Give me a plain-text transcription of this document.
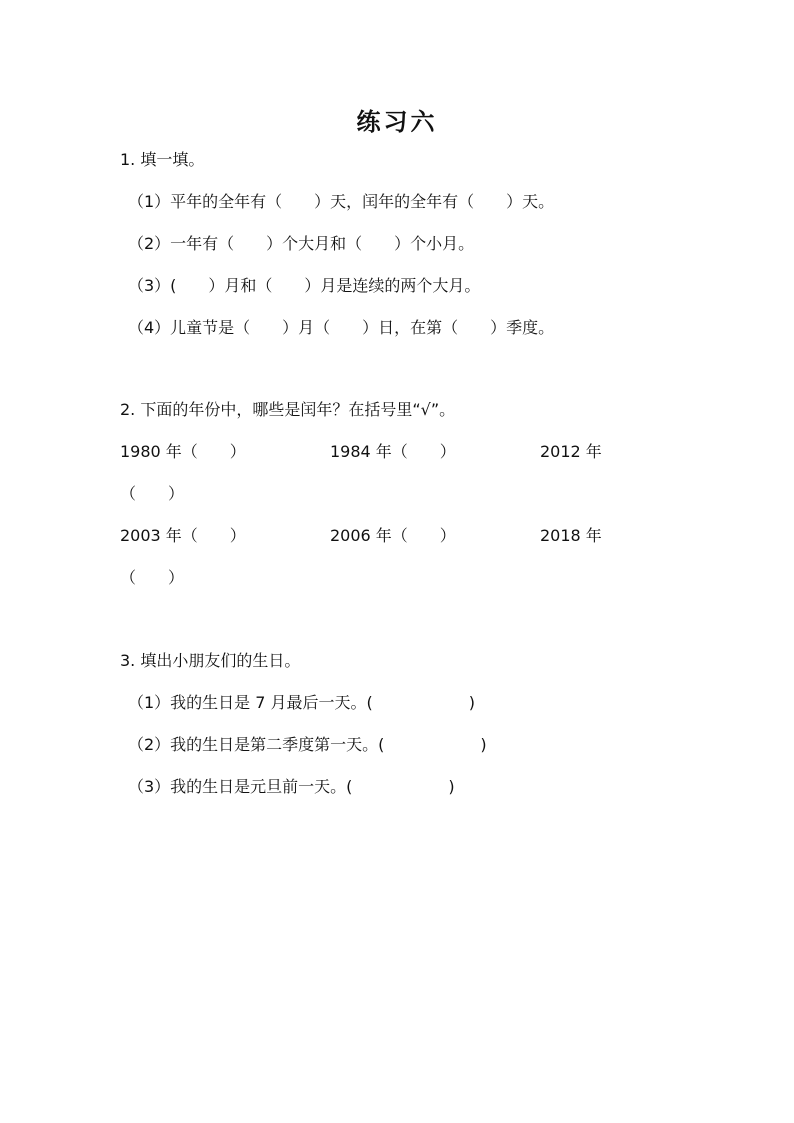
练习六
1. 填一填。
（1）平年的全年有（　　）天，闰年的全年有（　　）天。
（2）一年有（　　）个大月和（　　）个小月。
（3）(　　）月和（　　）月是连续的两个大月。
（4）儿童节是（　　）月（　　）日，在第（　　）季度。
2. 下面的年份中，哪些是闰年？在括号里“√”。
1980 年（　　）	1984 年（　　）	2012 年
（　　）
2003 年（　　）	2006 年（　　）	2018 年
（　　）
3. 填出小朋友们的生日。
（1）我的生日是 7 月最后一天。(　　　　　　)
（2）我的生日是第二季度第一天。(　　　　　　)
（3）我的生日是元旦前一天。(　　　　　　)
